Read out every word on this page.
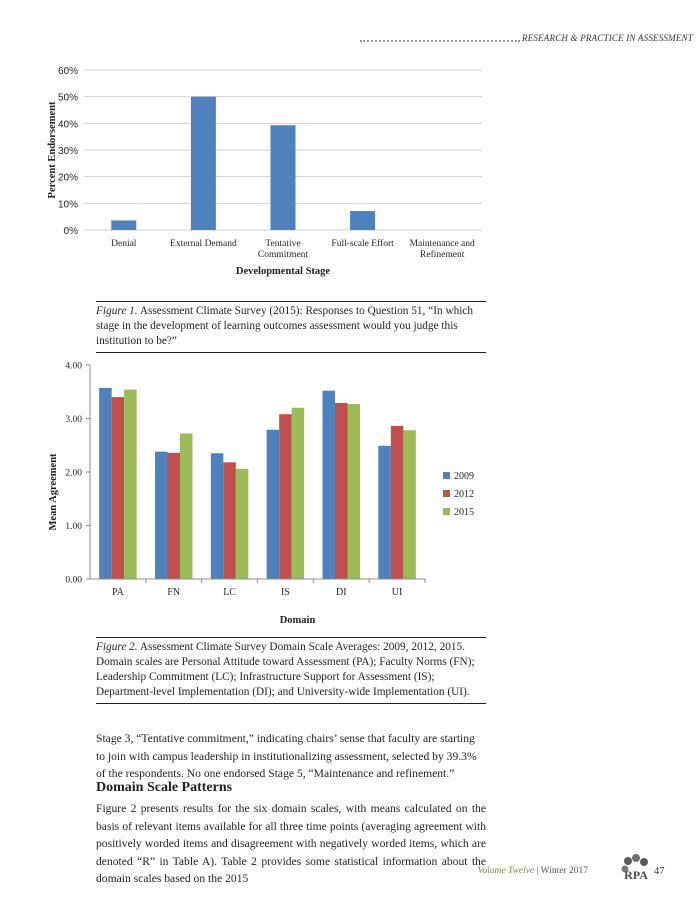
RESEARCH & PRACTICE IN ASSESSMENT
0%
10%
20%
30%
40%
50%
60%
Denial	External Demand	Tentative Commitment
Full-scale Effort Maintenance and Refinement
Percent Endorsement
Developmental Stage
Figure 1. Assessment Climate Survey (2015): Responses to Question 51, “In which stage in the development of learning outcomes assessment would you judge this institution to be?”
0.00
1.00
2.00
3.00
4.00
PA	FN	LC	IS	DI	UI
2009
2012
2015
Mean Agreement
Domain
Figure 2. Assessment Climate Survey Domain Scale Averages: 2009, 2012, 2015. Domain scales are Personal Attitude toward Assessment (PA); Faculty Norms (FN); Leadership Commitment (LC); Infrastructure Support for Assessment (IS); Department-level Implementation (DI); and University-wide Implementation (UI).
Stage 3, “Tentative commitment,” indicating chairs’ sense that faculty are starting to join with campus leadership in institutionalizing assessment, selected by 39.3% of the respondents. No one endorsed Stage 5, “Maintenance and refinement.”
Domain Scale Patterns
Figure 2 presents results for the six domain scales, with means calculated on the basis of relevant items available for all three time points (averaging agreement with positively worded items and disagreement with negatively worded items, which are denoted “R” in Table A). Table 2 provides some statistical information about the domain scales based on the 2015
Volume Twelve | Winter 2017	RPA 47
